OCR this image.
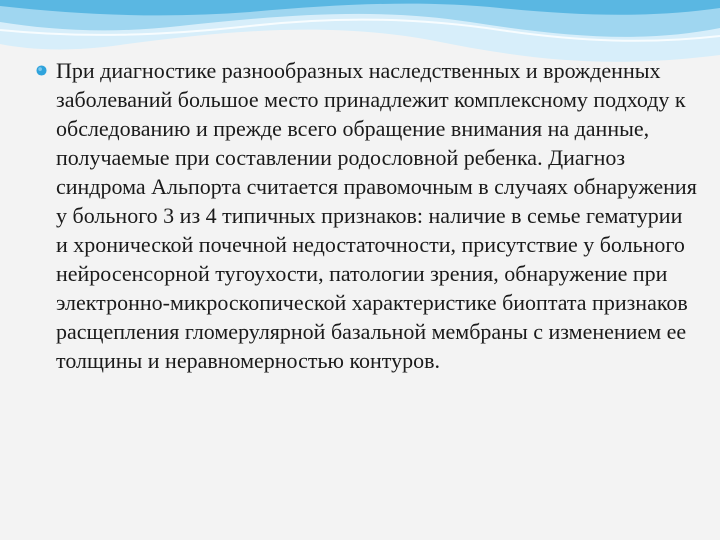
При диагностике разнообразных наследственных и врожденных заболеваний большое место принадлежит комплексному подходу к обследованию и прежде всего обращение внимания на данные, получаемые при составлении родословной ребенка. Диагноз синдрома Альпорта считается правомочным в случаях обнаружения у больного 3 из 4 типичных признаков: наличие в семье гематурии и хронической почечной недостаточности, присутствие у больного нейросенсорной тугоухости, патологии зрения, обнаружение при электронно-микроскопической характеристике биоптата признаков расщепления гломерулярной базальной мембраны с изменением ее толщины и неравномерностью контуров.
